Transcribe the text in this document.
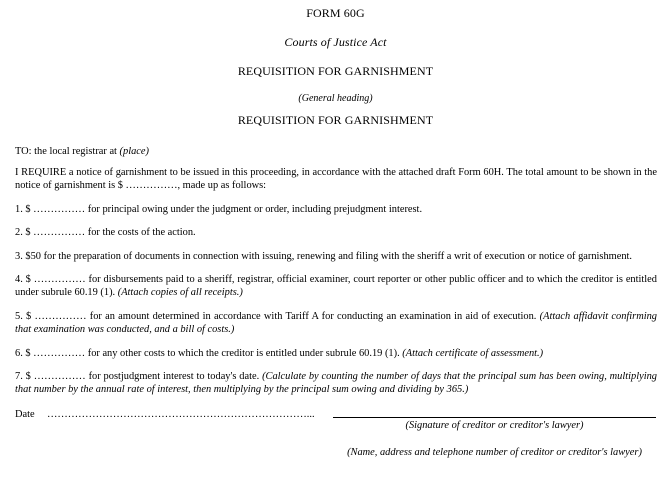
FORM 60G
Courts of Justice Act
REQUISITION FOR GARNISHMENT
(General heading)
REQUISITION FOR GARNISHMENT
TO: the local registrar at (place)
I REQUIRE a notice of garnishment to be issued in this proceeding, in accordance with the attached draft Form 60H. The total amount to be shown in the notice of garnishment is $ ……………, made up as follows:
1. $ …………… for principal owing under the judgment or order, including prejudgment interest.
2. $ …………… for the costs of the action.
3. $50 for the preparation of documents in connection with issuing, renewing and filing with the sheriff a writ of execution or notice of garnishment.
4. $ …………… for disbursements paid to a sheriff, registrar, official examiner, court reporter or other public officer and to which the creditor is entitled under subrule 60.19 (1). (Attach copies of all receipts.)
5. $ …………… for an amount determined in accordance with Tariff A for conducting an examination in aid of execution. (Attach affidavit confirming that examination was conducted, and a bill of costs.)
6. $ …………… for any other costs to which the creditor is entitled under subrule 60.19 (1). (Attach certificate of assessment.)
7. $ …………… for postjudgment interest to today's date. (Calculate by counting the number of days that the principal sum has been owing, multiplying that number by the annual rate of interest, then multiplying by the principal sum owing and dividing by 365.)
Date …………………………………………………………………...
(Signature of creditor or creditor's lawyer)
(Name, address and telephone number of creditor or creditor's lawyer)
